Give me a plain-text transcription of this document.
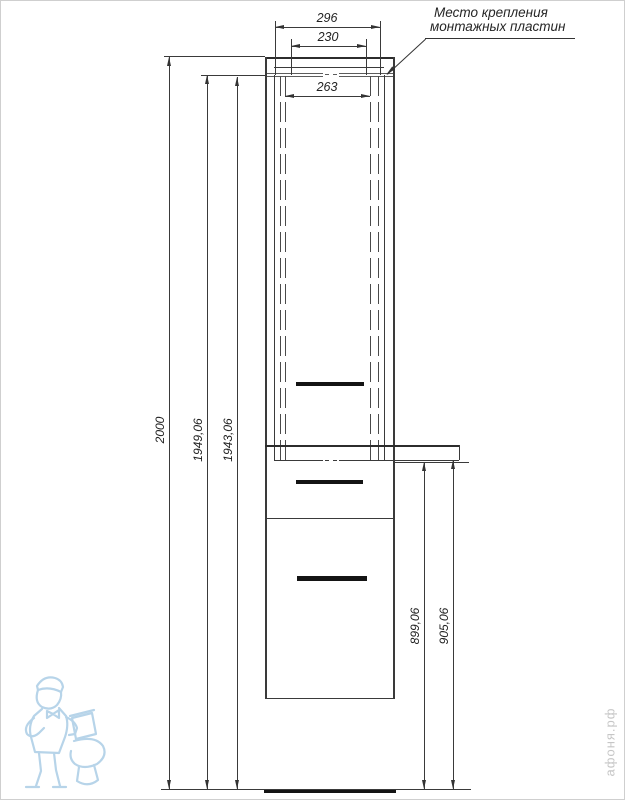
296
230
263
2000 1949,06 1943,06
899,06 905,06
Место крепления
монтажных пластин
афоня.рф
